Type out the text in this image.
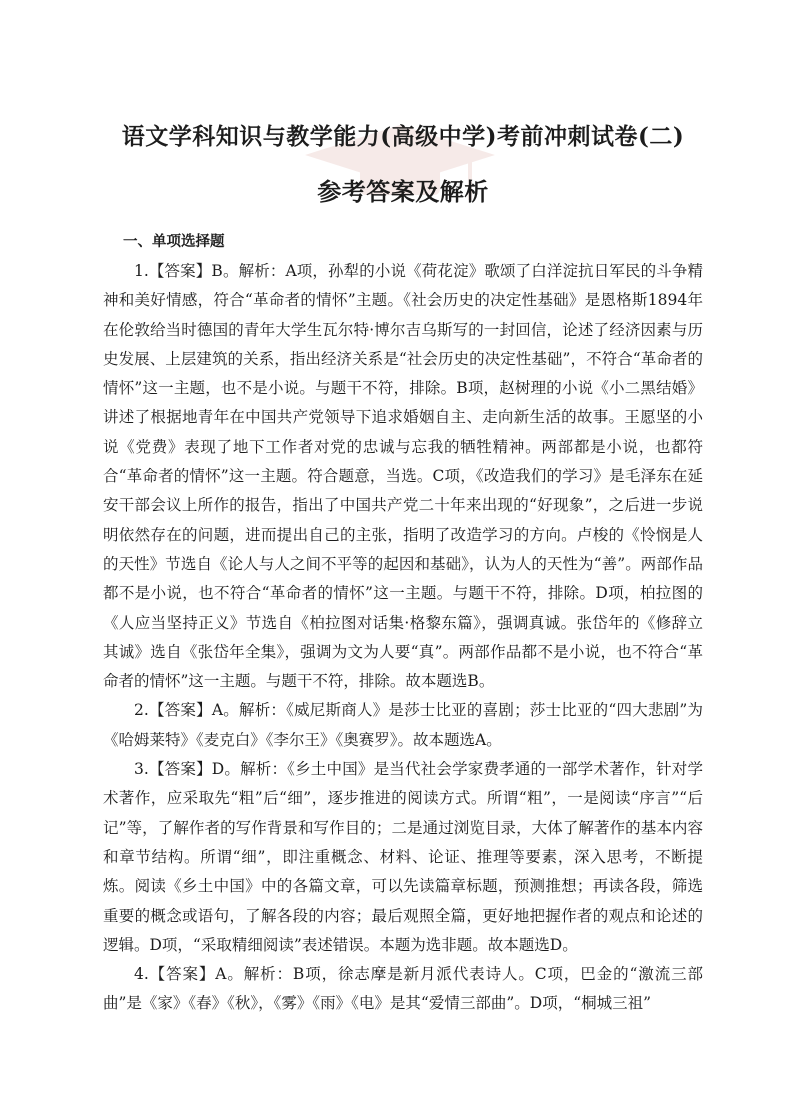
语文学科知识与教学能力(高级中学)考前冲刺试卷(二)
参考答案及解析
一、单项选择题

1.【答案】B。解析：A项，孙犁的小说《荷花淀》歌颂了白洋淀抗日军民的斗争精神和美好情感，符合“革命者的情怀”主题。《社会历史的决定性基础》是恩格斯1894年在伦敦给当时德国的青年大学生瓦尔特·博尔吉乌斯写的一封回信，论述了经济因素与历史发展、上层建筑的关系，指出经济关系是“社会历史的决定性基础”，不符合“革命者的情怀”这一主题，也不是小说。与题干不符，排除。B项，赵树理的小说《小二黑结婚》讲述了根据地青年在中国共产党领导下追求婚姻自主、走向新生活的故事。王愿坚的小说《党费》表现了地下工作者对党的忠诚与忘我的牺牲精神。两部都是小说，也都符合“革命者的情怀”这一主题。符合题意，当选。C项，《改造我们的学习》是毛泽东在延安干部会议上所作的报告，指出了中国共产党二十年来出现的“好现象”，之后进一步说明依然存在的问题，进而提出自己的主张，指明了改造学习的方向。卢梭的《怜悯是人的天性》节选自《论人与人之间不平等的起因和基础》，认为人的天性为“善”。两部作品都不是小说，也不符合“革命者的情怀”这一主题。与题干不符，排除。D项，柏拉图的《人应当坚持正义》节选自《柏拉图对话集·格黎东篇》，强调真诚。张岱年的《修辞立其诚》选自《张岱年全集》，强调为文为人要“真”。两部作品都不是小说，也不符合“革命者的情怀”这一主题。与题干不符，排除。故本题选B。

2.【答案】A。解析：《威尼斯商人》是莎士比亚的喜剧；莎士比亚的“四大悲剧”为《哈姆莱特》《麦克白》《李尔王》《奥赛罗》。故本题选A。

3.【答案】D。解析：《乡土中国》是当代社会学家费孝通的一部学术著作，针对学术著作，应采取先“粗”后“细”，逐步推进的阅读方式。所谓“粗”，一是阅读“序言”“后记”等，了解作者的写作背景和写作目的；二是通过浏览目录，大体了解著作的基本内容和章节结构。所谓“细”，即注重概念、材料、论证、推理等要素，深入思考，不断提炼。阅读《乡土中国》中的各篇文章，可以先读篇章标题，预测推想；再读各段，筛选重要的概念或语句，了解各段的内容；最后观照全篇，更好地把握作者的观点和论述的逻辑。D项，“采取精细阅读”表述错误。本题为选非题。故本题选D。

4.【答案】A。解析：B项，徐志摩是新月派代表诗人。C项，巴金的“激流三部曲”是《家》《春》《秋》，《雾》《雨》《电》是其“爱情三部曲”。D项，“桐城三祖”
